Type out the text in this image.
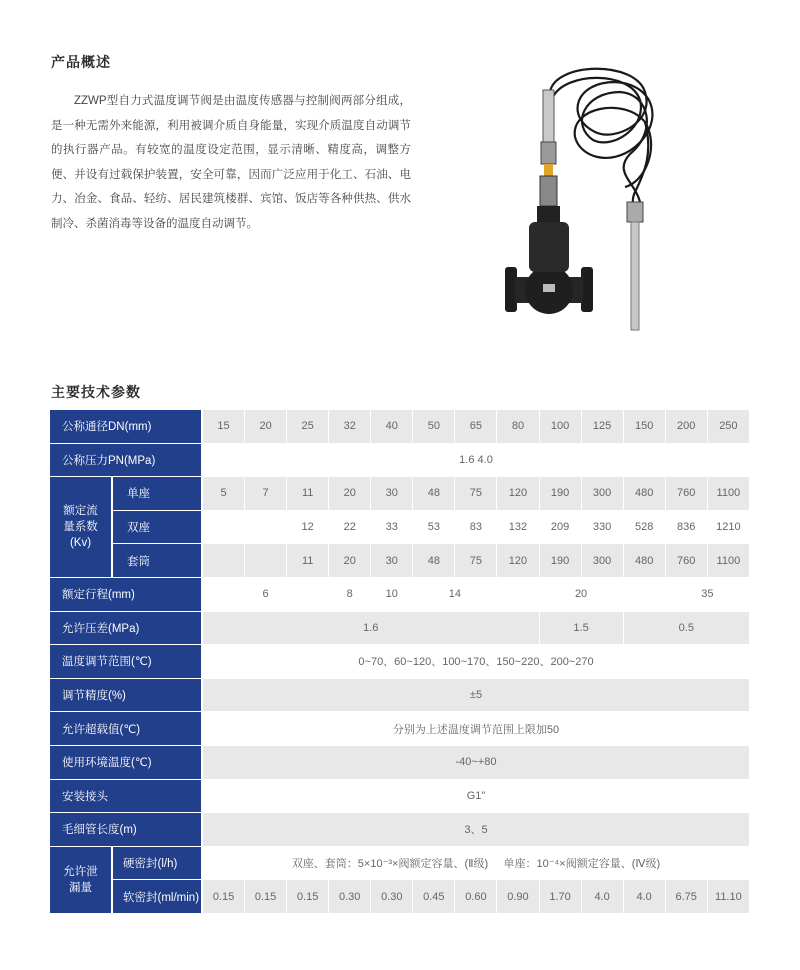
产品概述
ZZWP型自力式温度调节阀是由温度传感器与控制阀两部分组成，是一种无需外来能源，利用被调介质自身能量，实现介质温度自动调节的执行器产品。有较宽的温度设定范围，显示清晰、精度高，调整方便、并设有过载保护装置，安全可靠，因而广泛应用于化工、石油、电力、冶金、食品、轻纺、居民建筑楼群、宾馆、饭店等各种供热、供水制冷、杀菌消毒等设备的温度自动调节。
主要技术参数
公称通径DN(mm)		15	20	25	32	40	50	65	80	100	125	150	200	250
公称压力PN(MPa)		1.6 4.0												
额定流量系数(Kv)	单座	5	7	11	20	30	48	75	120	190	300	480	760	1100
	双座			12	22	33	53	83	132	209	330	528	836	1210
	套筒			11	20	30	48	75	120	190	300	480	760	1100
额定行程(mm)		6			8	10	14		20				35	
允许压差(MPa)		1.6								1.5		0.5		
温度调节范围(℃)		0~70、60~120、100~170、150~220、200~270												
调节精度(%)		±5												
允许超载值(℃)		分别为上述温度调节范围上限加50												
使用环境温度(℃)		-40~+80												
安装接头		G1"												
毛细管长度(m)		3、5												
允许泄漏量	硬密封(l/h)	双座、套筒：5×10⁻³×阀额定容量、(Ⅱ级)     单座：10⁻⁴×阀额定容量、(Ⅳ级)												
	软密封(ml/min)	0.15	0.15	0.15	0.30	0.30	0.45	0.60	0.90	1.70	4.0	4.0	6.75	11.10
